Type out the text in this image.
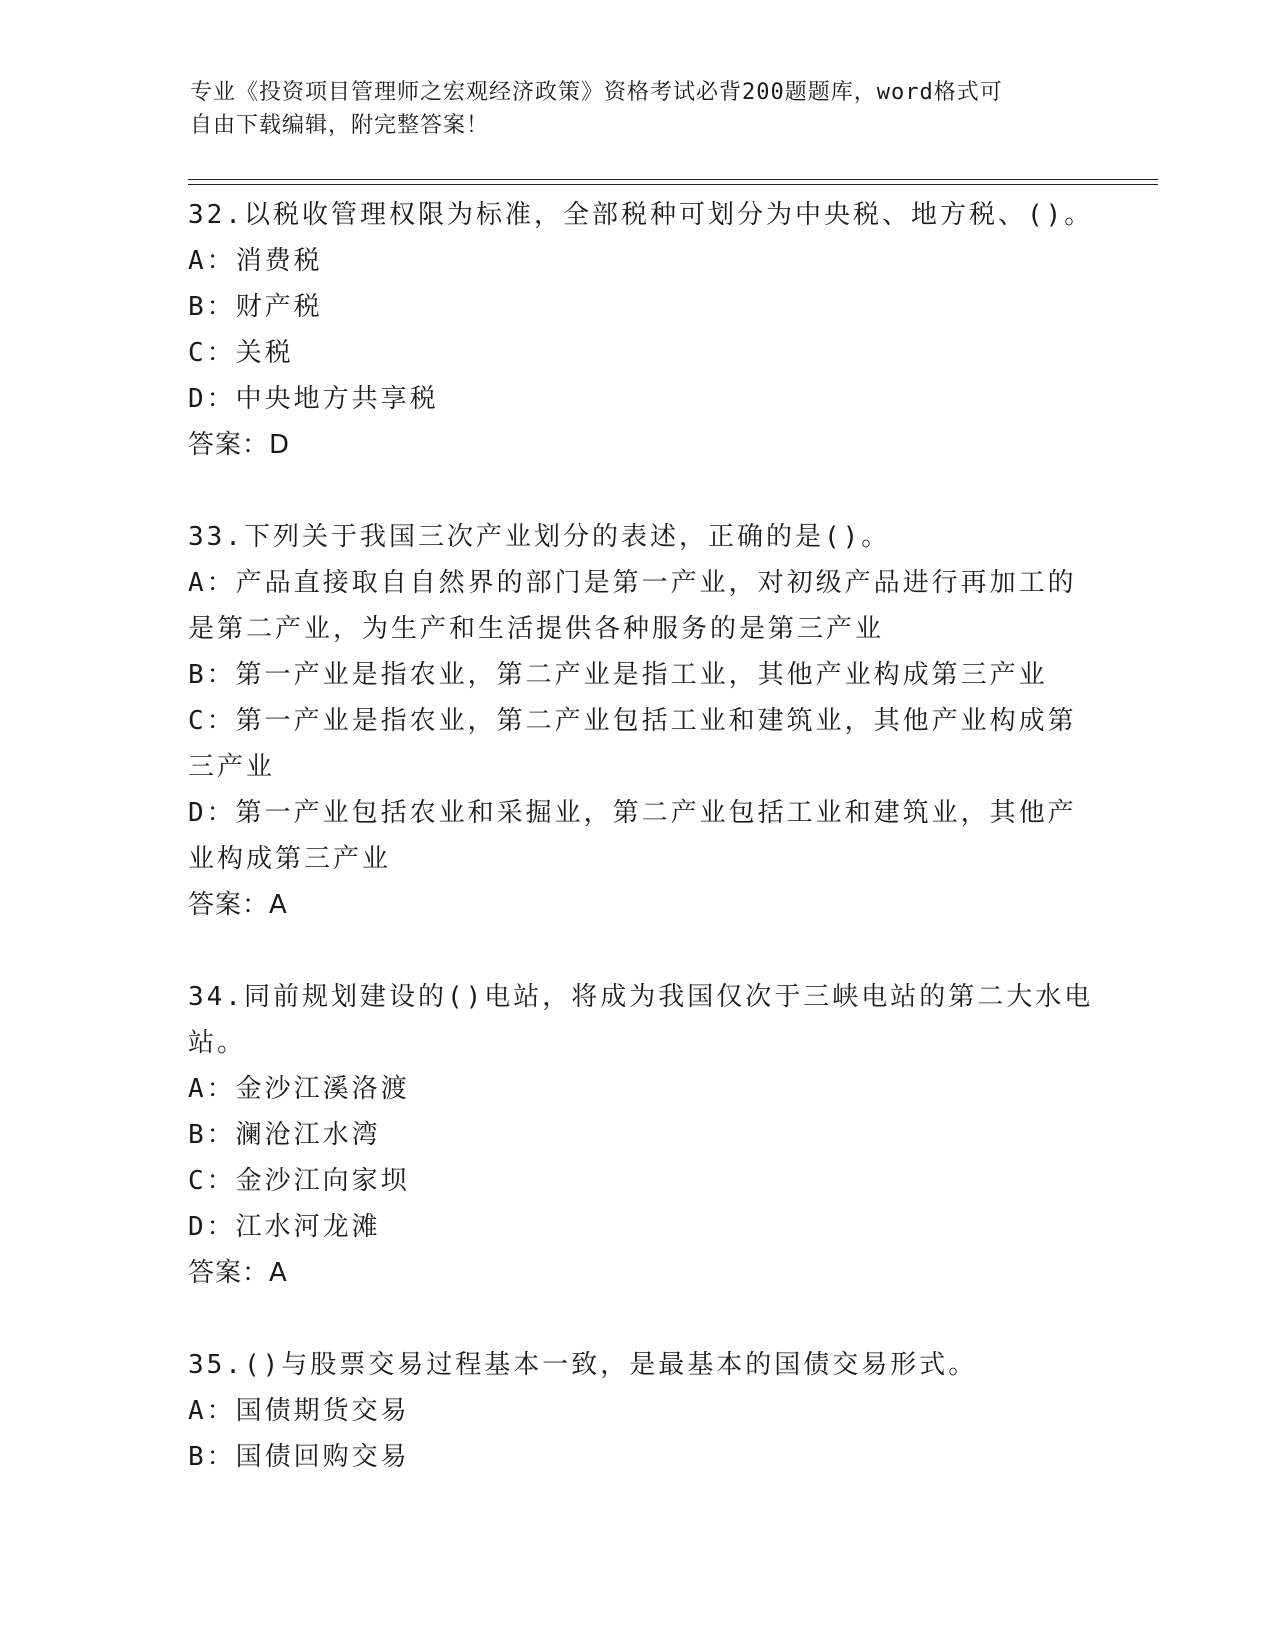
专业《投资项目管理师之宏观经济政策》资格考试必背200题题库，word格式可
自由下载编辑，附完整答案！
32.以税收管理权限为标准，全部税种可划分为中央税、地方税、()。
A：消费税
B：财产税
C：关税
D：中央地方共享税
答案：D
33.下列关于我国三次产业划分的表述，正确的是()。
A：产品直接取自自然界的部门是第一产业，对初级产品进行再加工的
是第二产业，为生产和生活提供各种服务的是第三产业
B：第一产业是指农业，第二产业是指工业，其他产业构成第三产业
C：第一产业是指农业，第二产业包括工业和建筑业，其他产业构成第
三产业
D：第一产业包括农业和采掘业，第二产业包括工业和建筑业，其他产
业构成第三产业
答案：A
34.同前规划建设的()电站，将成为我国仅次于三峡电站的第二大水电
站。
A：金沙江溪洛渡
B：澜沧江水湾
C：金沙江向家坝
D：江水河龙滩
答案：A
35.()与股票交易过程基本一致，是最基本的国债交易形式。
A：国债期货交易
B：国债回购交易
